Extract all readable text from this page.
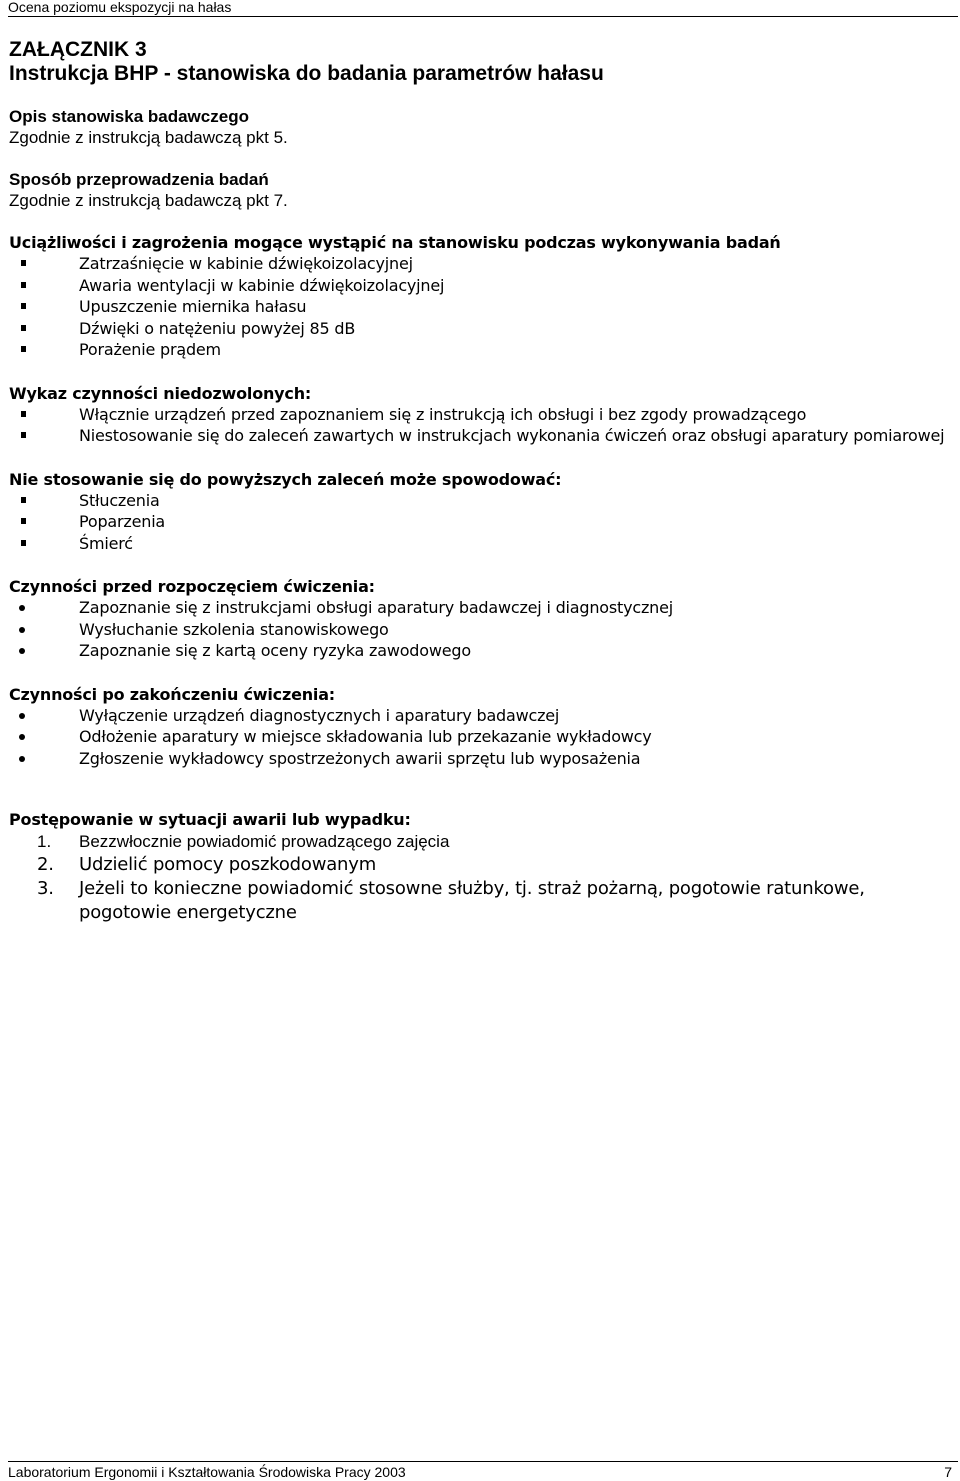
Ocena poziomu ekspozycji na hałas
ZAŁĄCZNIK 3
Instrukcja BHP - stanowiska do badania parametrów hałasu

Opis stanowiska badawczego

Zgodnie z instrukcją badawczą pkt 5.

Sposób przeprowadzenia badań

Zgodnie z instrukcją badawczą pkt 7.

Uciążliwości i zagrożenia mogące wystąpić na stanowisku podczas wykonywania badań

Zatrzaśnięcie w kabinie dźwiękoizolacyjnej
Awaria wentylacji w kabinie dźwiękoizolacyjnej
Upuszczenie miernika hałasu
Dźwięki o natężeniu powyżej 85 dB
Porażenie prądem

Wykaz czynności niedozwolonych:

Włącznie urządzeń przed zapoznaniem się z instrukcją ich obsługi i bez zgody prowadzącego
Niestosowanie się do zaleceń zawartych w instrukcjach wykonania ćwiczeń oraz obsługi aparatury pomiarowej

Nie stosowanie się do powyższych zaleceń może spowodować:

Stłuczenia
Poparzenia
Śmierć

Czynności przed rozpoczęciem ćwiczenia:

Zapoznanie się z instrukcjami obsługi aparatury badawczej i diagnostycznej
Wysłuchanie szkolenia stanowiskowego
Zapoznanie się z kartą oceny ryzyka zawodowego

Czynności po zakończeniu ćwiczenia:

Wyłączenie urządzeń diagnostycznych i aparatury badawczej
Odłożenie aparatury w miejsce składowania lub przekazanie wykładowcy
Zgłoszenie wykładowcy spostrzeżonych awarii sprzętu lub wyposażenia

Postępowanie w sytuacji awarii lub wypadku:

1. Bezzwłocznie powiadomić prowadzącego zajęcia
2. Udzielić pomocy poszkodowanym
3. Jeżeli to konieczne powiadomić stosowne służby, tj. straż pożarną, pogotowie ratunkowe, pogotowie energetyczne
Laboratorium Ergonomii i Kształtowania Środowiska Pracy 2003	7
